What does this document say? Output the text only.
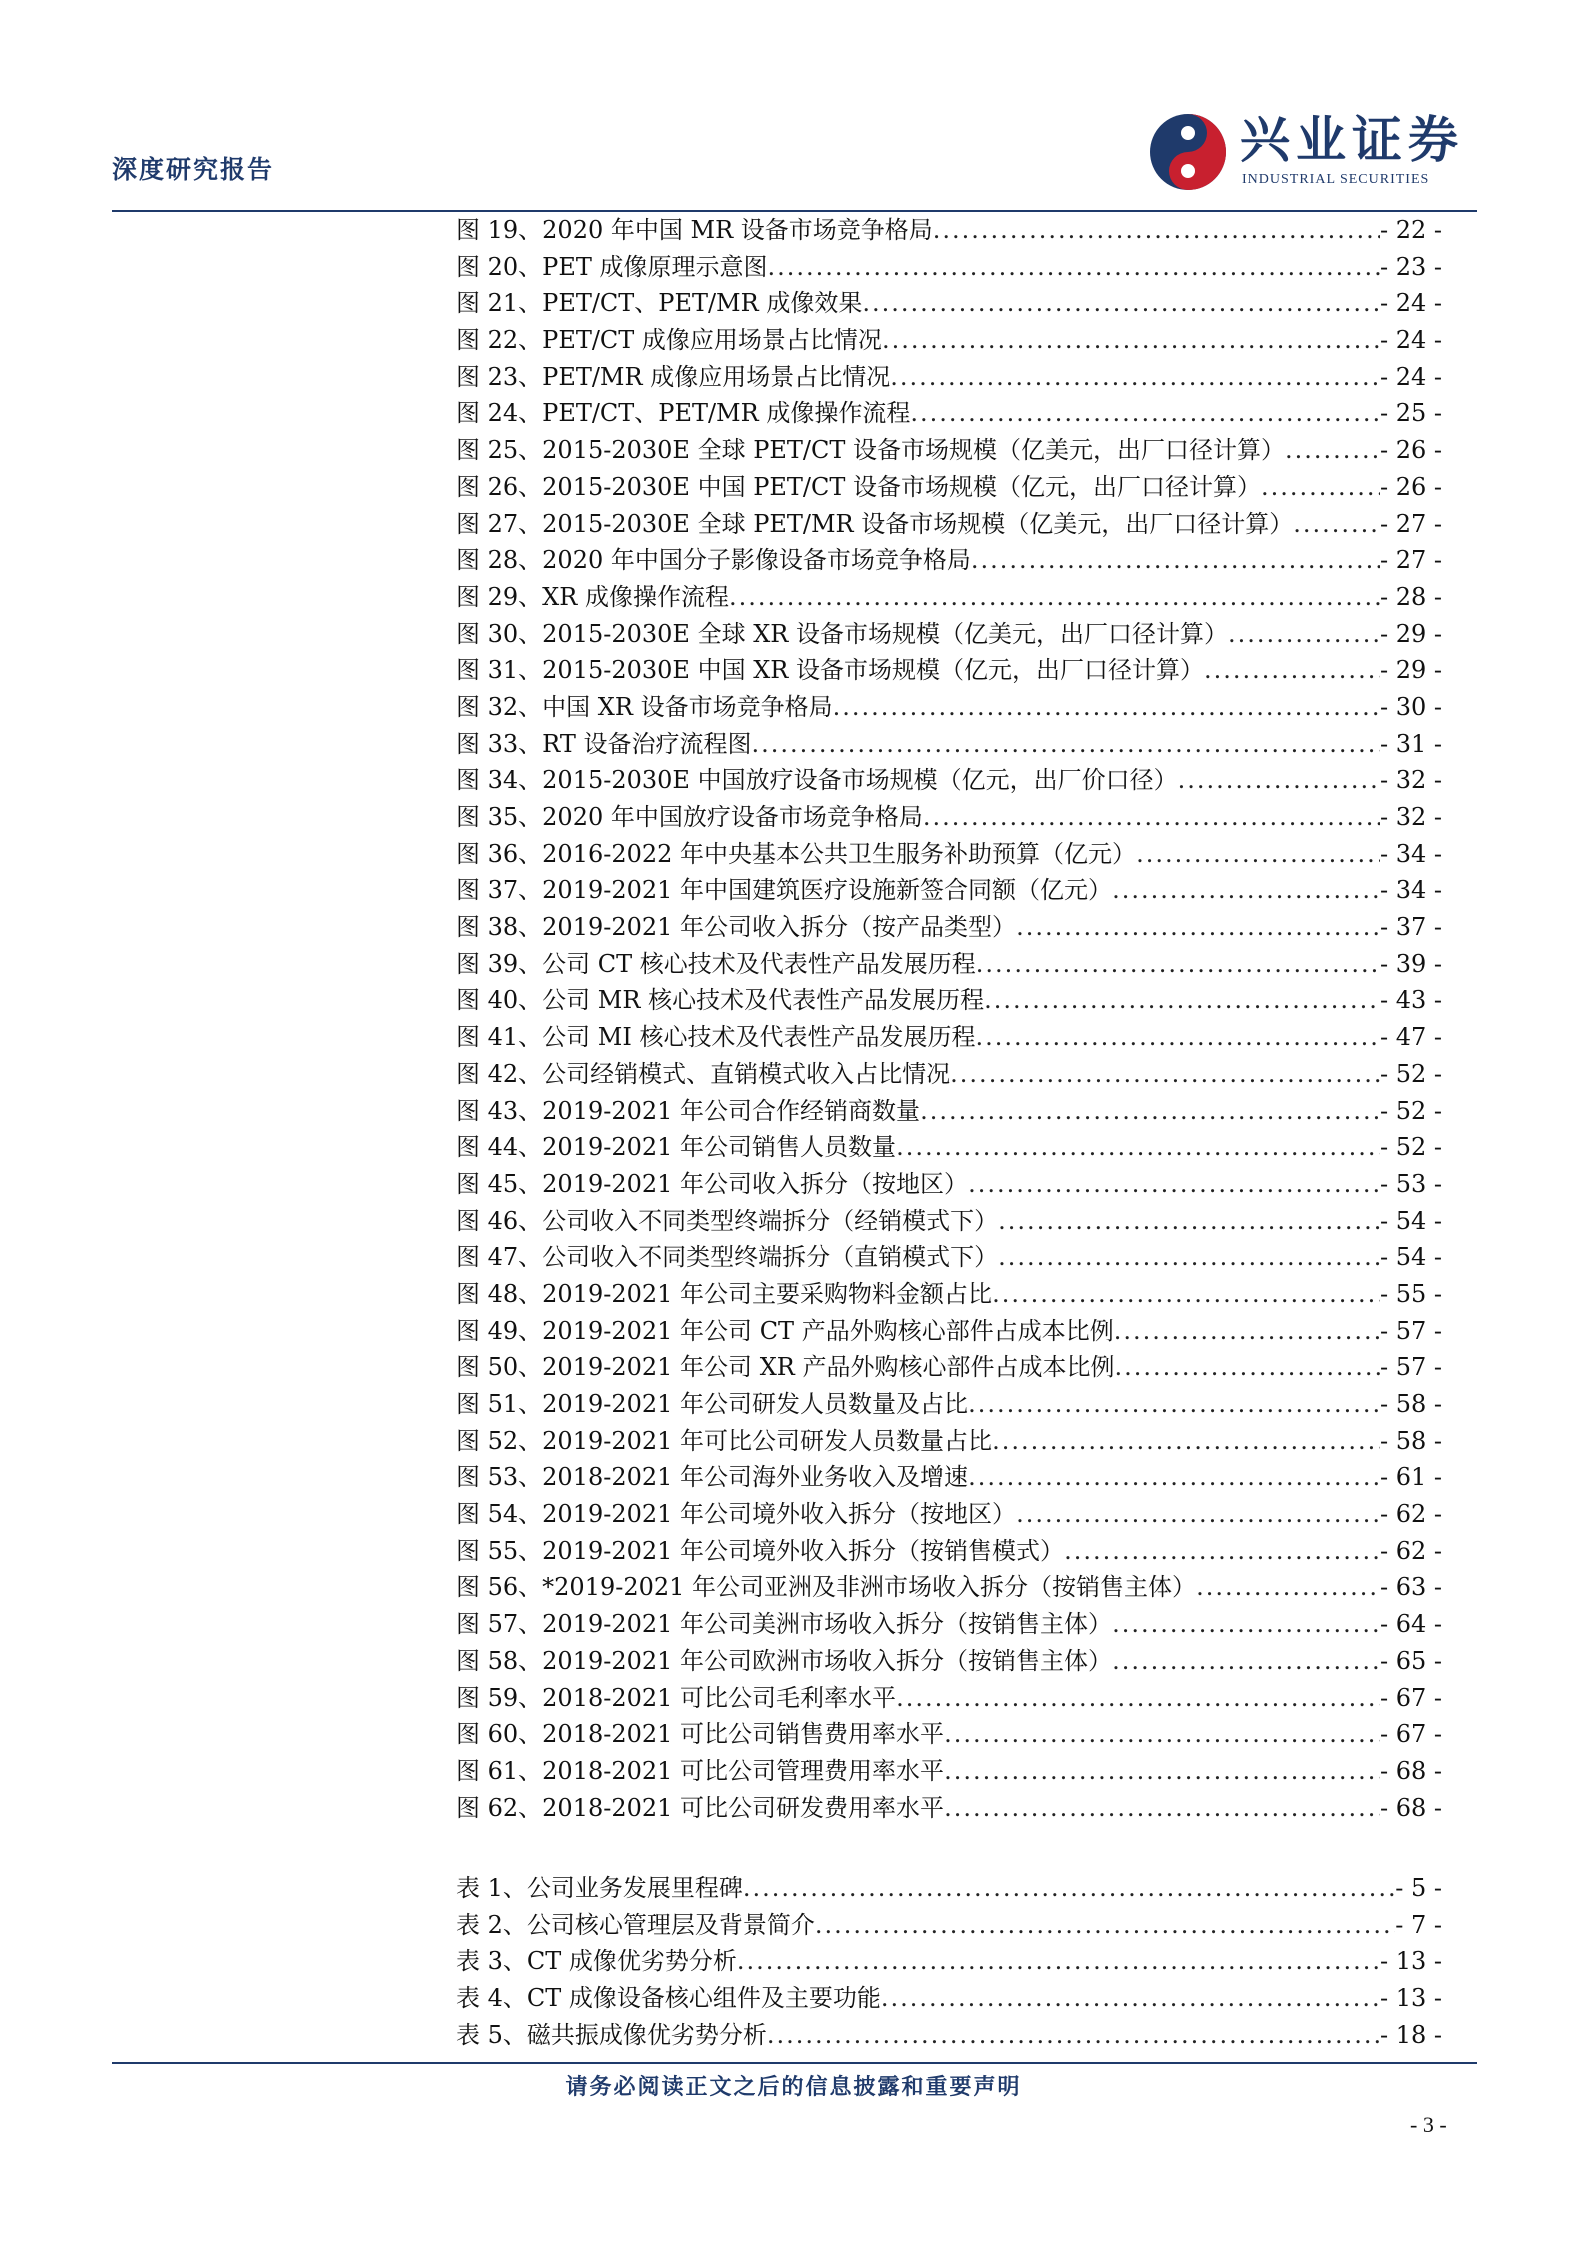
深度研究报告
兴业证券
INDUSTRIAL SECURITIES
图 19、2020 年中国 MR 设备市场竞争格局 .....	- 22 -
图 20、PET 成像原理示意图 .....	- 23 -
图 21、PET/CT、PET/MR 成像效果 .....	- 24 -
图 22、PET/CT 成像应用场景占比情况 .....	- 24 -
图 23、PET/MR 成像应用场景占比情况 .....	- 24 -
图 24、PET/CT、PET/MR 成像操作流程 .....	- 25 -
图 25、2015-2030E 全球 PET/CT 设备市场规模（亿美元，出厂口径计算） .....	- 26 -
图 26、2015-2030E 中国 PET/CT 设备市场规模（亿元，出厂口径计算） .....	- 26 -
图 27、2015-2030E 全球 PET/MR 设备市场规模（亿美元，出厂口径计算） .....	- 27 -
图 28、2020 年中国分子影像设备市场竞争格局 .....	- 27 -
图 29、XR 成像操作流程 .....	- 28 -
图 30、2015-2030E 全球 XR 设备市场规模（亿美元，出厂口径计算） .....	- 29 -
图 31、2015-2030E 中国 XR 设备市场规模（亿元，出厂口径计算） .....	- 29 -
图 32、中国 XR 设备市场竞争格局 .....	- 30 -
图 33、RT 设备治疗流程图 .....	- 31 -
图 34、2015-2030E 中国放疗设备市场规模（亿元，出厂价口径） .....	- 32 -
图 35、2020 年中国放疗设备市场竞争格局 .....	- 32 -
图 36、2016-2022 年中央基本公共卫生服务补助预算（亿元） .....	- 34 -
图 37、2019-2021 年中国建筑医疗设施新签合同额（亿元） .....	- 34 -
图 38、2019-2021 年公司收入拆分（按产品类型） .....	- 37 -
图 39、公司 CT 核心技术及代表性产品发展历程 .....	- 39 -
图 40、公司 MR 核心技术及代表性产品发展历程 .....	- 43 -
图 41、公司 MI 核心技术及代表性产品发展历程 .....	- 47 -
图 42、公司经销模式、直销模式收入占比情况 .....	- 52 -
图 43、2019-2021 年公司合作经销商数量 .....	- 52 -
图 44、2019-2021 年公司销售人员数量 .....	- 52 -
图 45、2019-2021 年公司收入拆分（按地区） .....	- 53 -
图 46、公司收入不同类型终端拆分（经销模式下） .....	- 54 -
图 47、公司收入不同类型终端拆分（直销模式下） .....	- 54 -
图 48、2019-2021 年公司主要采购物料金额占比 .....	- 55 -
图 49、2019-2021 年公司 CT 产品外购核心部件占成本比例 .....	- 57 -
图 50、2019-2021 年公司 XR 产品外购核心部件占成本比例 .....	- 57 -
图 51、2019-2021 年公司研发人员数量及占比 .....	- 58 -
图 52、2019-2021 年可比公司研发人员数量占比 .....	- 58 -
图 53、2018-2021 年公司海外业务收入及增速 .....	- 61 -
图 54、2019-2021 年公司境外收入拆分（按地区） .....	- 62 -
图 55、2019-2021 年公司境外收入拆分（按销售模式） .....	- 62 -
图 56、*2019-2021 年公司亚洲及非洲市场收入拆分（按销售主体） .....	- 63 -
图 57、2019-2021 年公司美洲市场收入拆分（按销售主体） .....	- 64 -
图 58、2019-2021 年公司欧洲市场收入拆分（按销售主体） .....	- 65 -
图 59、2018-2021 可比公司毛利率水平 .....	- 67 -
图 60、2018-2021 可比公司销售费用率水平 .....	- 67 -
图 61、2018-2021 可比公司管理费用率水平 .....	- 68 -
图 62、2018-2021 可比公司研发费用率水平 .....	- 68 -
表 1、公司业务发展里程碑 .....	- 5 -
表 2、公司核心管理层及背景简介 .....	- 7 -
表 3、CT 成像优劣势分析 .....	- 13 -
表 4、CT 成像设备核心组件及主要功能 .....	- 13 -
表 5、磁共振成像优劣势分析 .....	- 18 -
请务必阅读正文之后的信息披露和重要声明
- 3 -
